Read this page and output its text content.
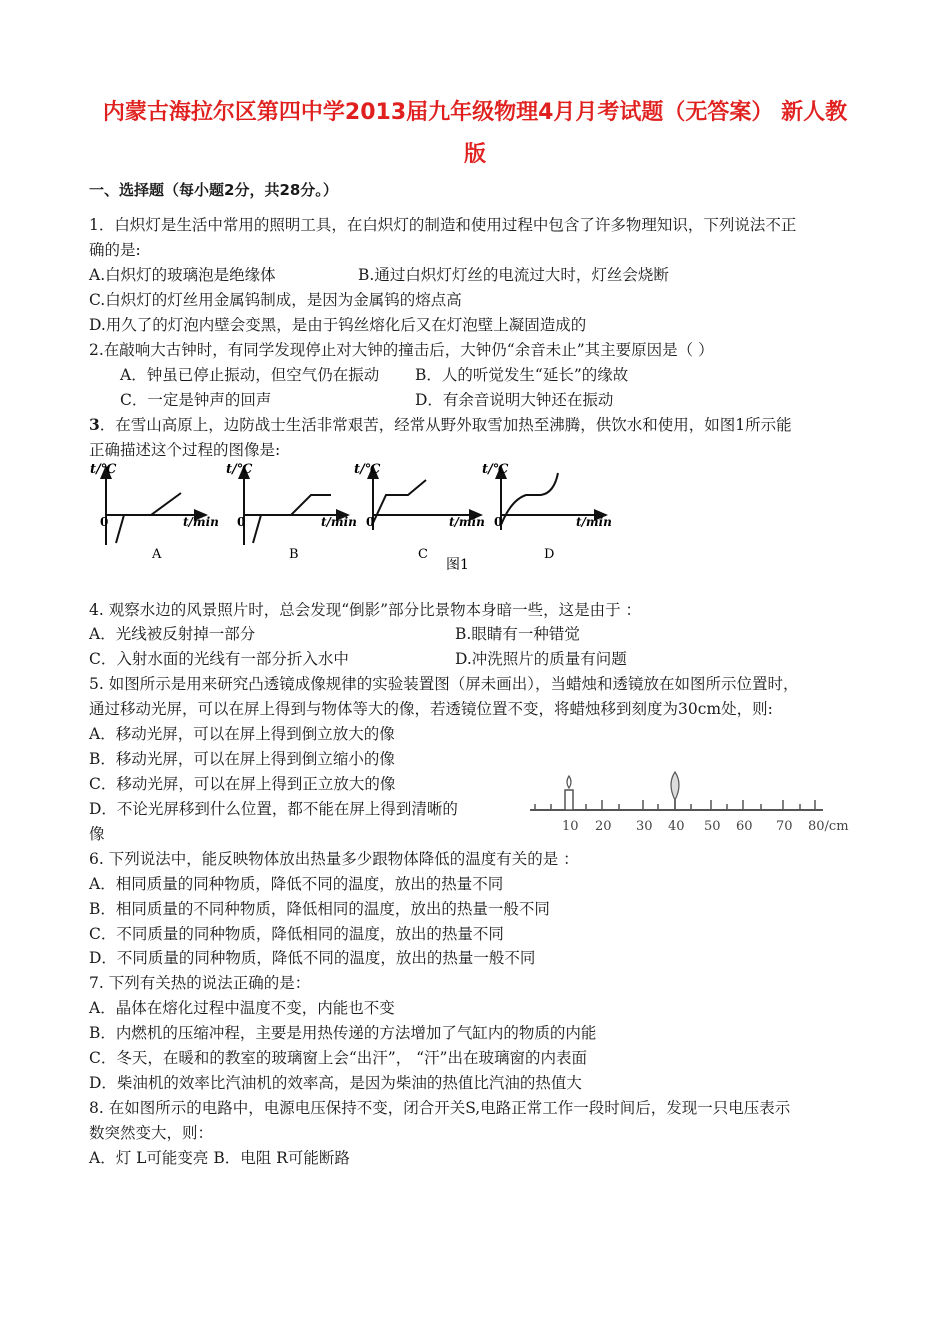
内蒙古海拉尔区第四中学2013届九年级物理4月月考试题（无答案） 新人教
版
一、选择题（每小题2分，共28分。）
1．白炽灯是生活中常用的照明工具，在白炽灯的制造和使用过程中包含了许多物理知识，下列说法不正
确的是:
A.白炽灯的玻璃泡是绝缘体	B.通过白炽灯灯丝的电流过大时，灯丝会烧断
C.白炽灯的灯丝用金属钨制成，是因为金属钨的熔点高
D.用久了的灯泡内壁会变黑，是由于钨丝熔化后又在灯泡壁上凝固造成的
2.在敲响大古钟时，有同学发现停止对大钟的撞击后，大钟仍“余音未止”其主要原因是（ ）
A．钟虽已停止振动，但空气仍在振动 B．人的听觉发生“延长”的缘故
C．一定是钟声的回声	D．有余音说明大钟还在振动
3．在雪山高原上，边防战士生活非常艰苦，经常从野外取雪加热至沸腾，供饮水和使用，如图1所示能
正确描述这个过程的图像是:
t/℃
0	t/min
A
t/℃
0	t/min
B
t/℃
0	t/min
C
t/℃
0	t/min
D
图1
4. 观察水边的风景照片时，总会发现“倒影”部分比景物本身暗一些，这是由于 ：
A．光线被反射掉一部分	B.眼睛有一种错觉
C．入射水面的光线有一部分折入水中	D.冲洗照片的质量有问题
5. 如图所示是用来研究凸透镜成像规律的实验装置图（屏未画出），当蜡烛和透镜放在如图所示位置时，
通过移动光屏，可以在屏上得到与物体等大的像，若透镜位置不变，将蜡烛移到刻度为30cm处，则:
A．移动光屏，可以在屏上得到倒立放大的像
B．移动光屏，可以在屏上得到倒立缩小的像
C．移动光屏，可以在屏上得到正立放大的像
D．不论光屏移到什么位置，都不能在屏上得到清晰的
像	10 20 30 40 50 60 70 80/cm
6. 下列说法中，能反映物体放出热量多少跟物体降低的温度有关的是 ：
A．相同质量的同种物质，降低不同的温度，放出的热量不同
B．相同质量的不同种物质，降低相同的温度，放出的热量一般不同
C．不同质量的同种物质，降低相同的温度，放出的热量不同
D．不同质量的同种物质，降低不同的温度，放出的热量一般不同
7. 下列有关热的说法正确的是：
A．晶体在熔化过程中温度不变，内能也不变
B．内燃机的压缩冲程，主要是用热传递的方法增加了气缸内的物质的内能
C．冬天，在暖和的教室的玻璃窗上会“出汗”， “汗”出在玻璃窗的内表面
D．柴油机的效率比汽油机的效率高，是因为柴油的热值比汽油的热值大
8. 在如图所示的电路中，电源电压保持不变，闭合开关S,电路正常工作一段时间后，发现一只电压表示
数突然变大，则：
A．灯 L可能变亮 B．电阻 R可能断路
